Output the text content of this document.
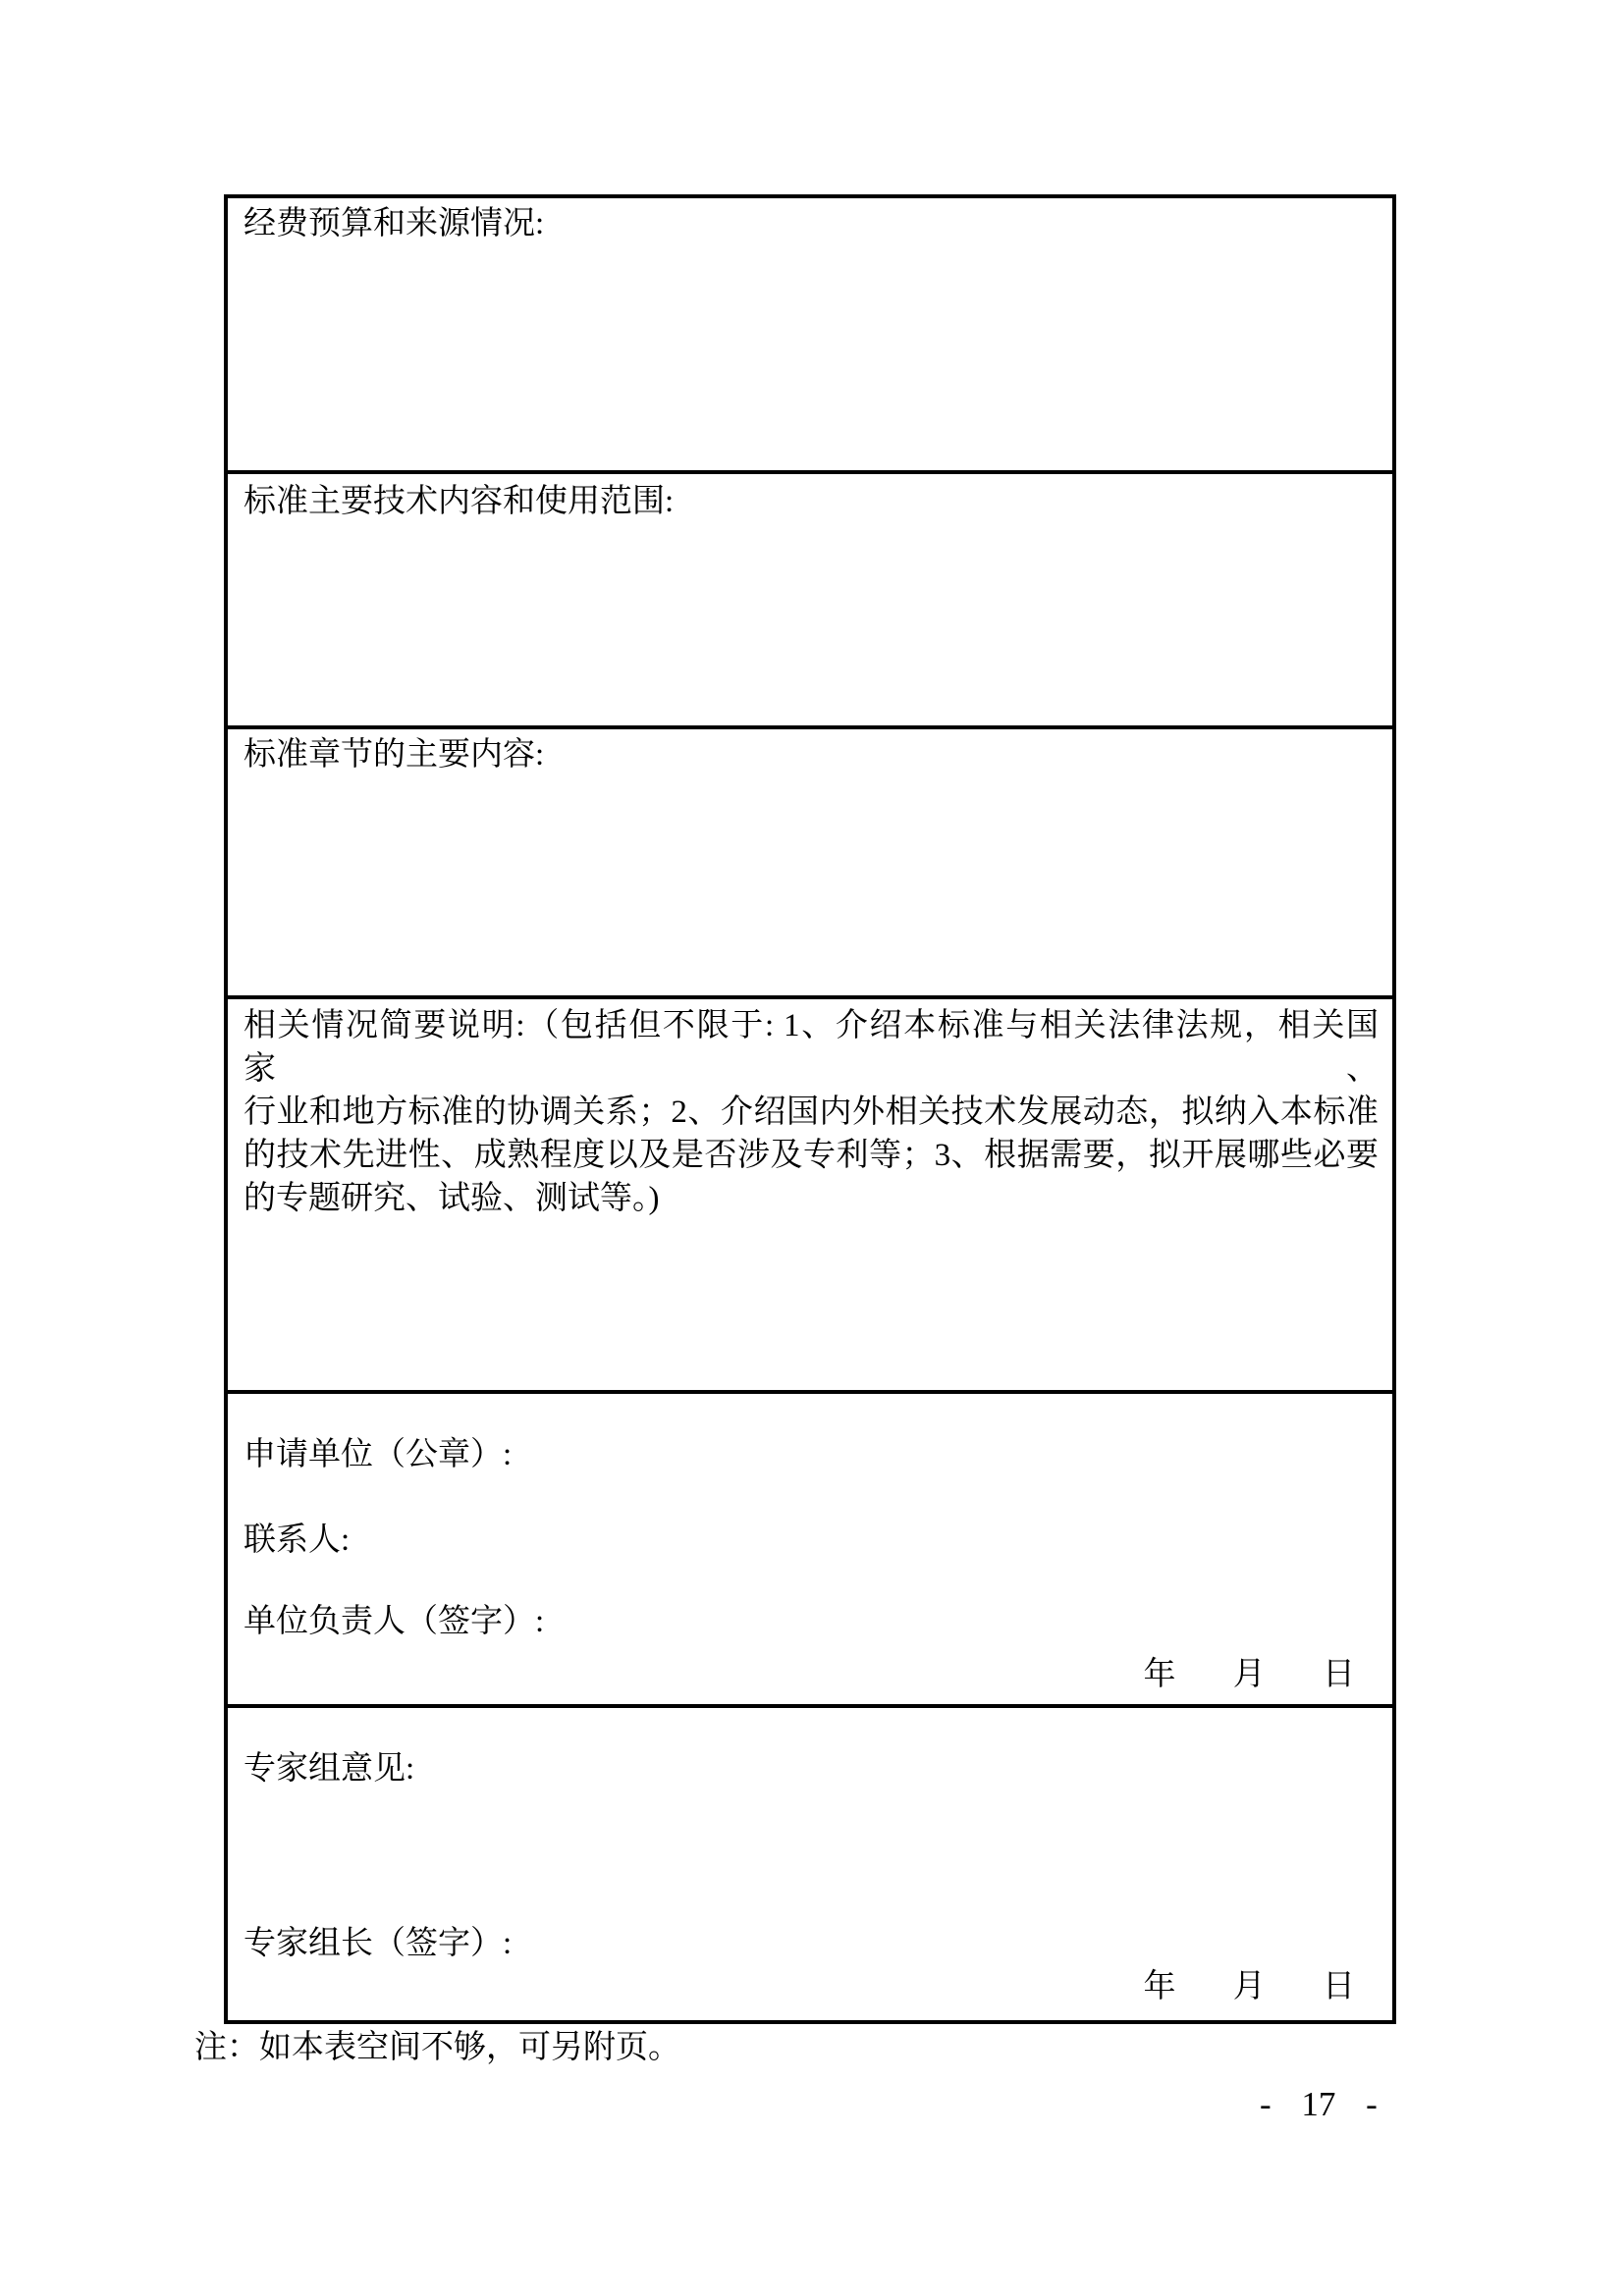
经费预算和来源情况:
标准主要技术内容和使用范围:
标准章节的主要内容:
相关情况简要说明:（包括但不限于: 1、介绍本标准与相关法律法规，相关国家、
行业和地方标准的协调关系；2、介绍国内外相关技术发展动态，拟纳入本标准
的技术先进性、成熟程度以及是否涉及专利等；3、根据需要，拟开展哪些必要
的专题研究、试验、测试等。)
申请单位（公章）:
联系人:
单位负责人（签字）:
年 月 日
专家组意见:
专家组长（签字）:
年 月 日
注：如本表空间不够，可另附页。
- 17 -
